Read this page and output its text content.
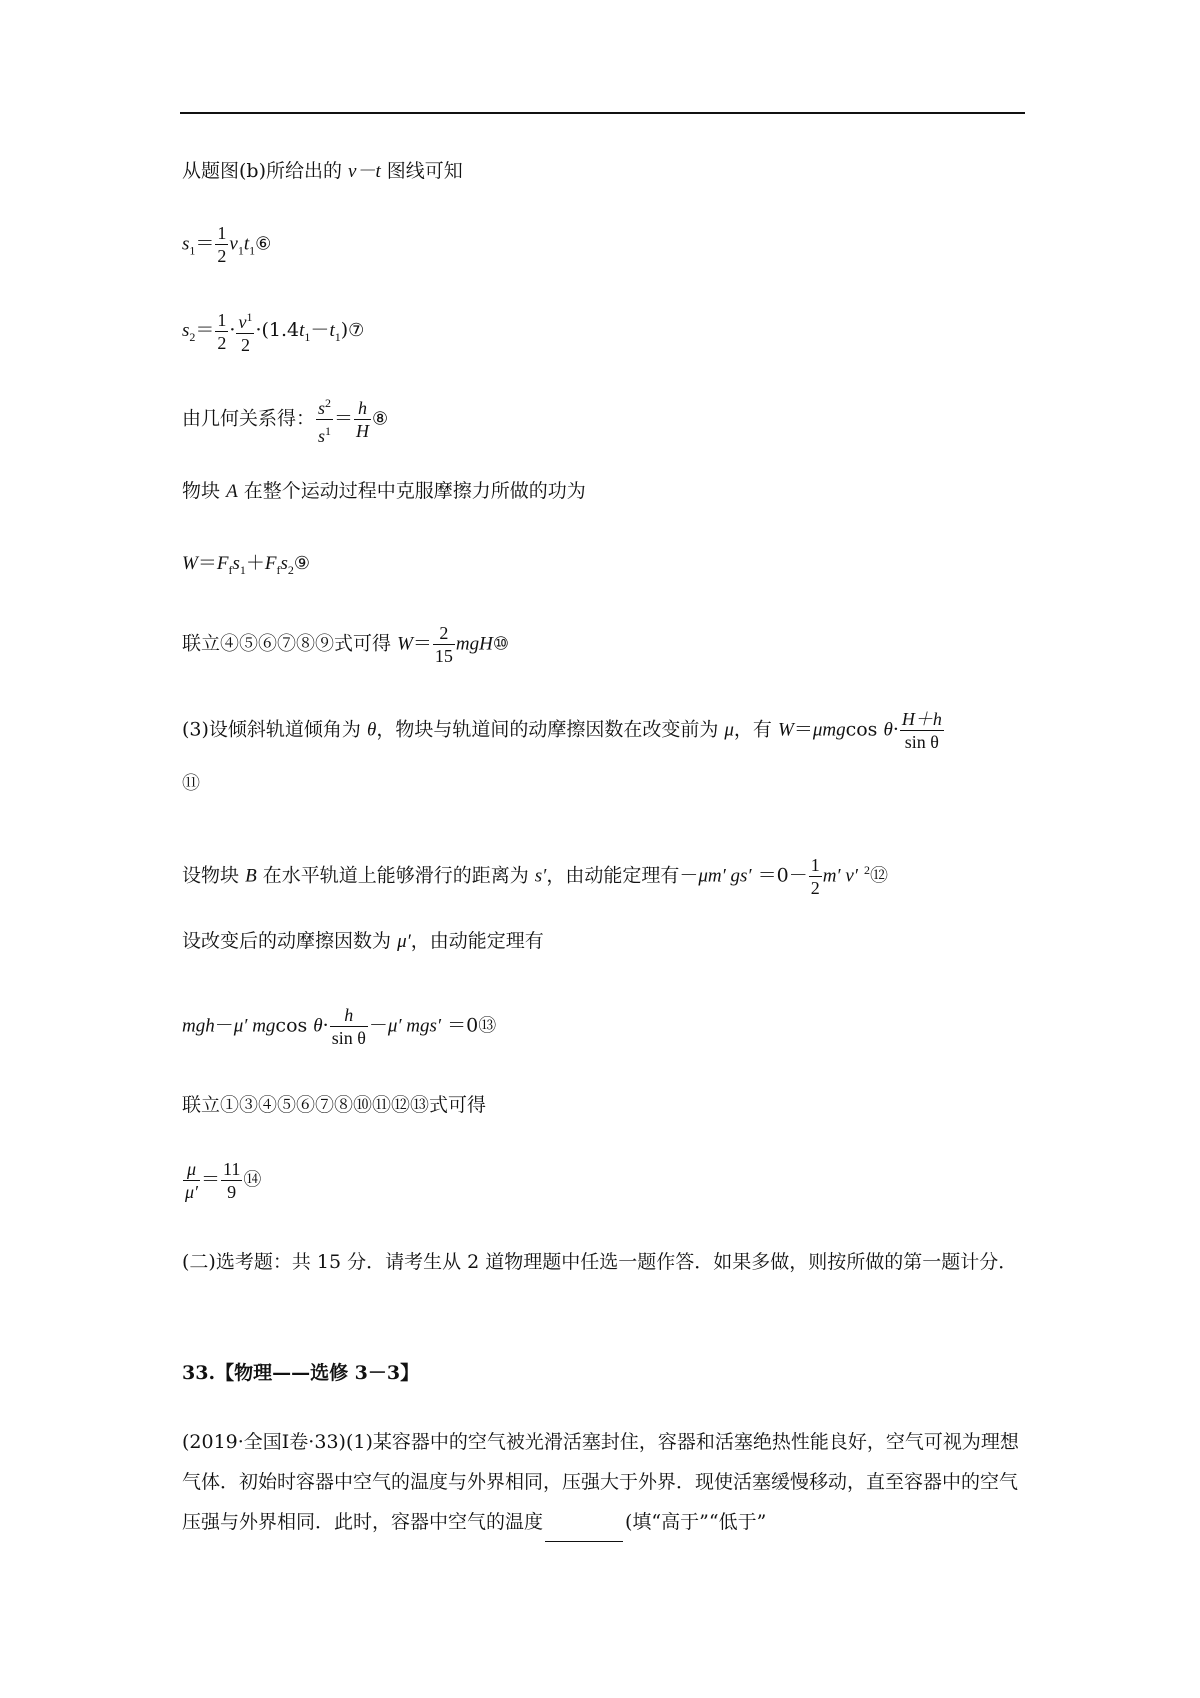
从题图(b)所给出的 v－t 图线可知
$s_1= \frac{1}{2}$ $v_1t_1⑥$
$s_2= \frac{1}{2} \cdot \frac{v^1}{2}$ $\cdot(1.4t_1-t_1)⑦$
由几何关系得： $\frac{s^2}{s^1} = \frac{h}{H}$ ⑧
物块 A 在整个运动过程中克服摩擦力所做的功为
$W=F_fs_1+F_fs_2⑨$
联立④⑤⑥⑦⑧⑨式可得 $W= \frac{2}{15}$ mgH⑩
(3)设倾斜轨道倾角为 θ，物块与轨道间的动摩擦因数在改变前为 μ，有 W＝μmgcos $\theta\cdot \frac{H+h}{\text{sin θ}}$
⑪
设物块 B 在水平轨道上能够滑行的距离为 s′，由动能定理有－μm′ $gs' =0- \frac{1}{2} m'$ v′ $^2$⑫
设改变后的动摩擦因数为 μ′，由动能定理有
mgh－μ′ mgcos $\theta\cdot \frac{h}{\text{sin θ}} -\mu'$ mgs′ ＝0⑬
联立①③④⑤⑥⑦⑧⑩⑪⑫⑬式可得
$\frac{\mu}{\mu'} = \frac{11}{9}$ ⑭
(二)选考题：共 15 分．请考生从 2 道物理题中任选一题作答．如果多做，则按所做的第一题计分．
33.【物理——选修 3－3】
(2019·全国Ⅰ卷·33)(1)某容器中的空气被光滑活塞封住，容器和活塞绝热性能良好，空气可视为理想气体．初始时容器中空气的温度与外界相同，压强大于外界．现使活塞缓慢移动，直至容器中的空气压强与外界相同．此时，容器中空气的温度	(填“高于”“低于”
